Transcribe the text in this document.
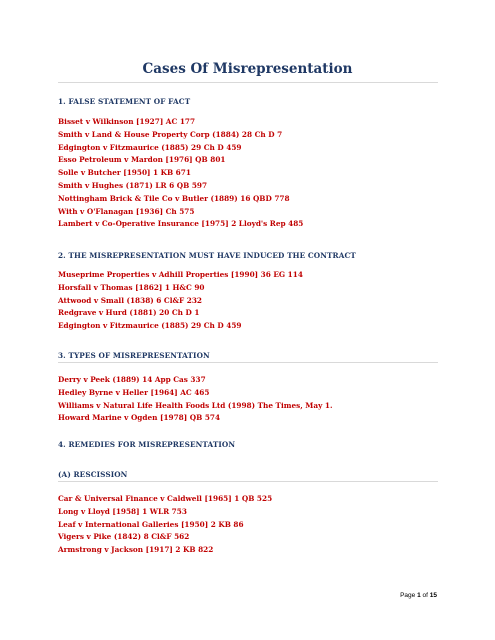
Cases Of Misrepresentation
1. FALSE STATEMENT OF FACT
Bisset v Wilkinson [1927] AC 177
Smith v Land & House Property Corp (1884) 28 Ch D 7
Edgington v Fitzmaurice (1885) 29 Ch D 459
Esso Petroleum v Mardon [1976] QB 801
Solle v Butcher [1950] 1 KB 671
Smith v Hughes (1871) LR 6 QB 597
Nottingham Brick & Tile Co v Butler (1889) 16 QBD 778
With v O'Flanagan [1936] Ch 575
Lambert v Co-Operative Insurance [1975] 2 Lloyd's Rep 485
2. THE MISREPRESENTATION MUST HAVE INDUCED THE CONTRACT
Museprime Properties v Adhill Properties [1990] 36 EG 114
Horsfall v Thomas [1862] 1 H&C 90
Attwood v Small (1838) 6 Cl&F 232
Redgrave v Hurd (1881) 20 Ch D 1
Edgington v Fitzmaurice (1885) 29 Ch D 459
3. TYPES OF MISREPRESENTATION
Derry v Peek (1889) 14 App Cas 337
Hedley Byrne v Heller [1964] AC 465
Williams v Natural Life Health Foods Ltd (1998) The Times, May 1.
Howard Marine v Ogden [1978] QB 574
4. REMEDIES FOR MISREPRESENTATION
(A) RESCISSION
Car & Universal Finance v Caldwell [1965] 1 QB 525
Long v Lloyd [1958] 1 WLR 753
Leaf v International Galleries [1950] 2 KB 86
Vigers v Pike (1842) 8 Cl&F 562
Armstrong v Jackson [1917] 2 KB 822
Page 1 of 15
